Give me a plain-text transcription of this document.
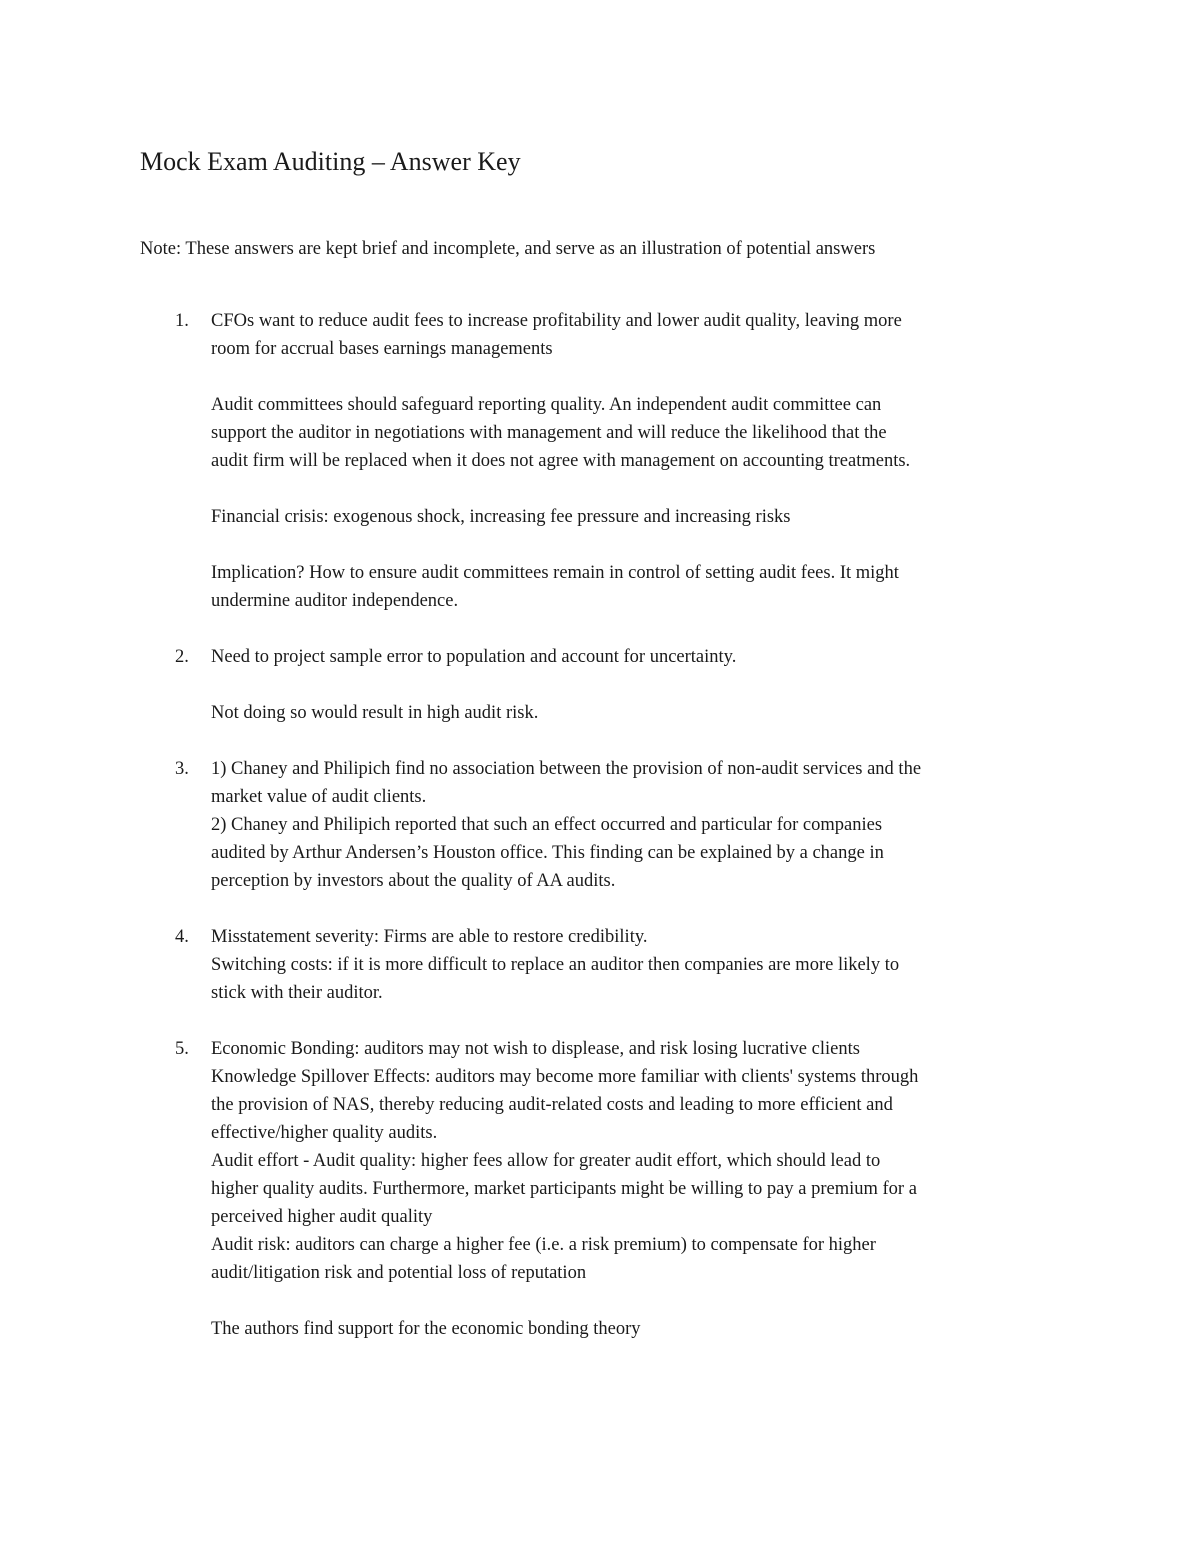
Mock Exam Auditing – Answer Key
Note: These answers are kept brief and incomplete, and serve as an illustration of potential answers
1. CFOs want to reduce audit fees to increase profitability and lower audit quality, leaving more
room for accrual bases earnings managements
Audit committees should safeguard reporting quality. An independent audit committee can
support the auditor in negotiations with management and will reduce the likelihood that the
audit firm will be replaced when it does not agree with management on accounting treatments.
Financial crisis: exogenous shock, increasing fee pressure and increasing risks
Implication? How to ensure audit committees remain in control of setting audit fees. It might
undermine auditor independence.
2. Need to project sample error to population and account for uncertainty.
Not doing so would result in high audit risk.
3. 1) Chaney and Philipich find no association between the provision of non-audit services and the
market value of audit clients.
2) Chaney and Philipich reported that such an effect occurred and particular for companies
audited by Arthur Andersen’s Houston office. This finding can be explained by a change in
perception by investors about the quality of AA audits.
4. Misstatement severity: Firms are able to restore credibility.
Switching costs: if it is more difficult to replace an auditor then companies are more likely to
stick with their auditor.
5. Economic Bonding: auditors may not wish to displease, and risk losing lucrative clients
Knowledge Spillover Effects: auditors may become more familiar with clients' systems through
the provision of NAS, thereby reducing audit-related costs and leading to more efficient and
effective/higher quality audits.
Audit effort - Audit quality: higher fees allow for greater audit effort, which should lead to
higher quality audits. Furthermore, market participants might be willing to pay a premium for a
perceived higher audit quality
Audit risk: auditors can charge a higher fee (i.e. a risk premium) to compensate for higher
audit/litigation risk and potential loss of reputation
The authors find support for the economic bonding theory
